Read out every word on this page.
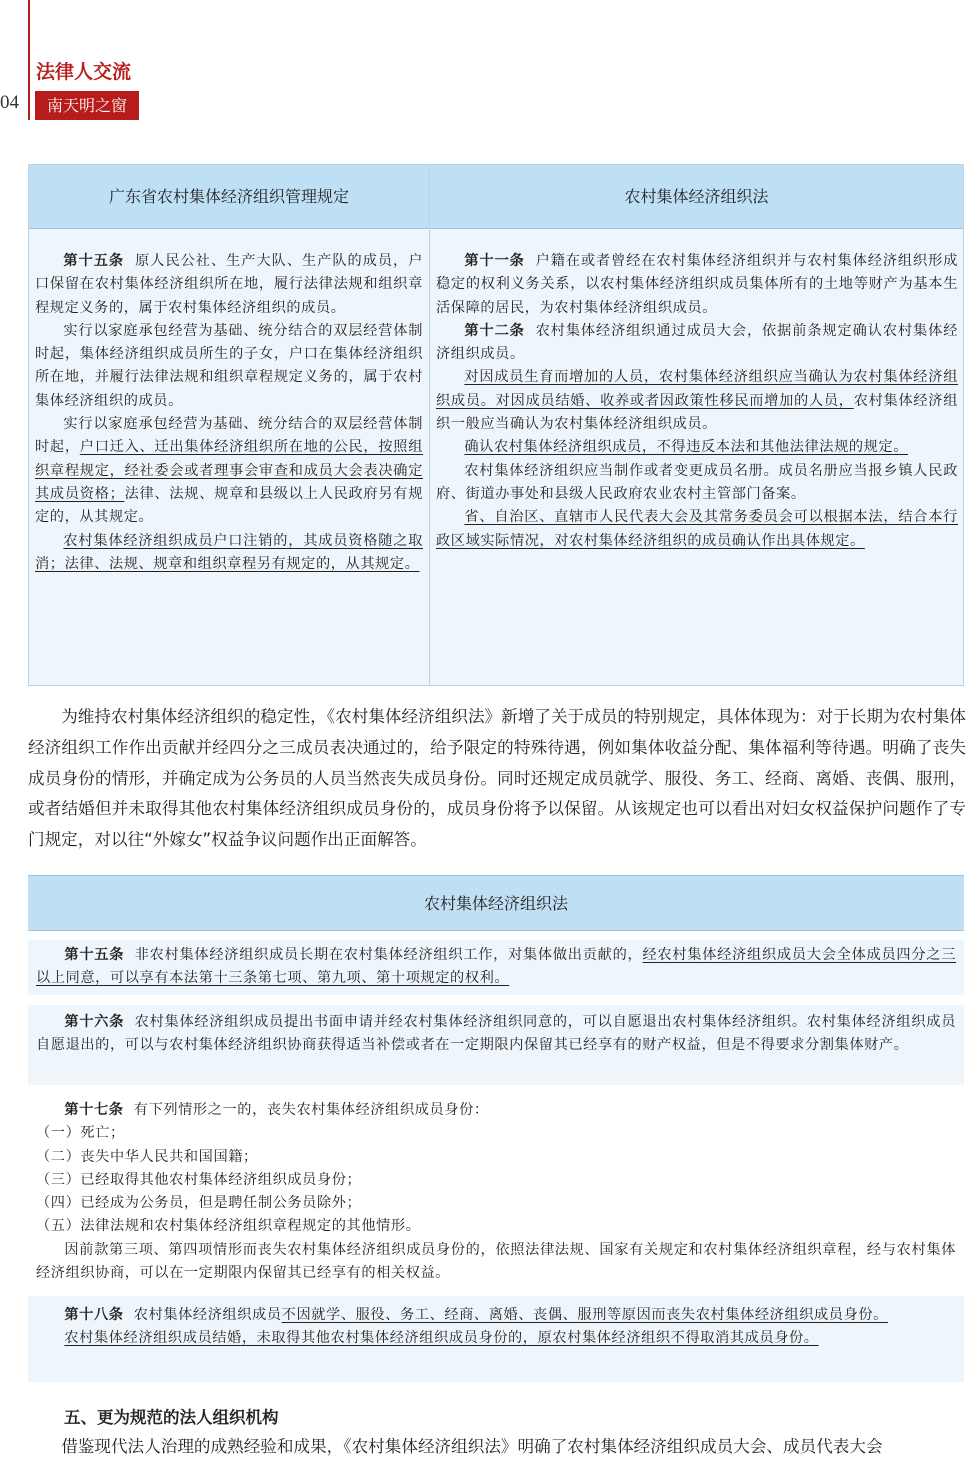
04
法律人交流
南天明之窗
广东省农村集体经济组织管理规定	农村集体经济组织法

第十五条 原人民公社、生产大队、生产队的成员，户口保留在农村集体经济组织所在地，履行法律法规和组织章程规定义务的，属于农村集体经济组织的成员。

实行以家庭承包经营为基础、统分结合的双层经营体制时起，集体经济组织成员所生的子女，户口在集体经济组织所在地，并履行法律法规和组织章程规定义务的，属于农村集体经济组织的成员。

实行以家庭承包经营为基础、统分结合的双层经营体制时起，户口迁入、迁出集体经济组织所在地的公民，按照组织章程规定，经社委会或者理事会审查和成员大会表决确定其成员资格；法律、法规、规章和县级以上人民政府另有规定的，从其规定。

农村集体经济组织成员户口注销的，其成员资格随之取消；法律、法规、规章和组织章程另有规定的，从其规定。

第十一条 户籍在或者曾经在农村集体经济组织并与农村集体经济组织形成稳定的权利义务关系，以农村集体经济组织成员集体所有的土地等财产为基本生活保障的居民，为农村集体经济组织成员。

第十二条 农村集体经济组织通过成员大会，依据前条规定确认农村集体经济组织成员。

对因成员生育而增加的人员，农村集体经济组织应当确认为农村集体经济组织成员。对因成员结婚、收养或者因政策性移民而增加的人员，农村集体经济组织一般应当确认为农村集体经济组织成员。

确认农村集体经济组织成员，不得违反本法和其他法律法规的规定。

农村集体经济组织应当制作或者变更成员名册。成员名册应当报乡镇人民政府、街道办事处和县级人民政府农业农村主管部门备案。

省、自治区、直辖市人民代表大会及其常务委员会可以根据本法，结合本行政区域实际情况，对农村集体经济组织的成员确认作出具体规定。

为维持农村集体经济组织的稳定性，《农村集体经济组织法》新增了关于成员的特别规定，具体体现为：对于长期为农村集体经济组织工作作出贡献并经四分之三成员表决通过的，给予限定的特殊待遇，例如集体收益分配、集体福利等待遇。明确了丧失成员身份的情形，并确定成为公务员的人员当然丧失成员身份。同时还规定成员就学、服役、务工、经商、离婚、丧偶、服刑，或者结婚但并未取得其他农村集体经济组织成员身份的，成员身份将予以保留。从该规定也可以看出对妇女权益保护问题作了专门规定，对以往“外嫁女”权益争议问题作出正面解答。

农村集体经济组织法

第十五条 非农村集体经济组织成员长期在农村集体经济组织工作，对集体做出贡献的，经农村集体经济组织成员大会全体成员四分之三以上同意，可以享有本法第十三条第七项、第九项、第十项规定的权利。

第十六条 农村集体经济组织成员提出书面申请并经农村集体经济组织同意的，可以自愿退出农村集体经济组织。农村集体经济组织成员自愿退出的，可以与农村集体经济组织协商获得适当补偿或者在一定期限内保留其已经享有的财产权益，但是不得要求分割集体财产。

第十七条 有下列情形之一的，丧失农村集体经济组织成员身份：

（一）死亡；

（二）丧失中华人民共和国国籍；

（三）已经取得其他农村集体经济组织成员身份；

（四）已经成为公务员，但是聘任制公务员除外；

（五）法律法规和农村集体经济组织章程规定的其他情形。

因前款第三项、第四项情形而丧失农村集体经济组织成员身份的，依照法律法规、国家有关规定和农村集体经济组织章程，经与农村集体经济组织协商，可以在一定期限内保留其已经享有的相关权益。

第十八条 农村集体经济组织成员不因就学、服役、务工、经商、离婚、丧偶、服刑等原因而丧失农村集体经济组织成员身份。

农村集体经济组织成员结婚，未取得其他农村集体经济组织成员身份的，原农村集体经济组织不得取消其成员身份。

五、更为规范的法人组织机构

借鉴现代法人治理的成熟经验和成果，《农村集体经济组织法》明确了农村集体经济组织成员大会、成员代表大会
